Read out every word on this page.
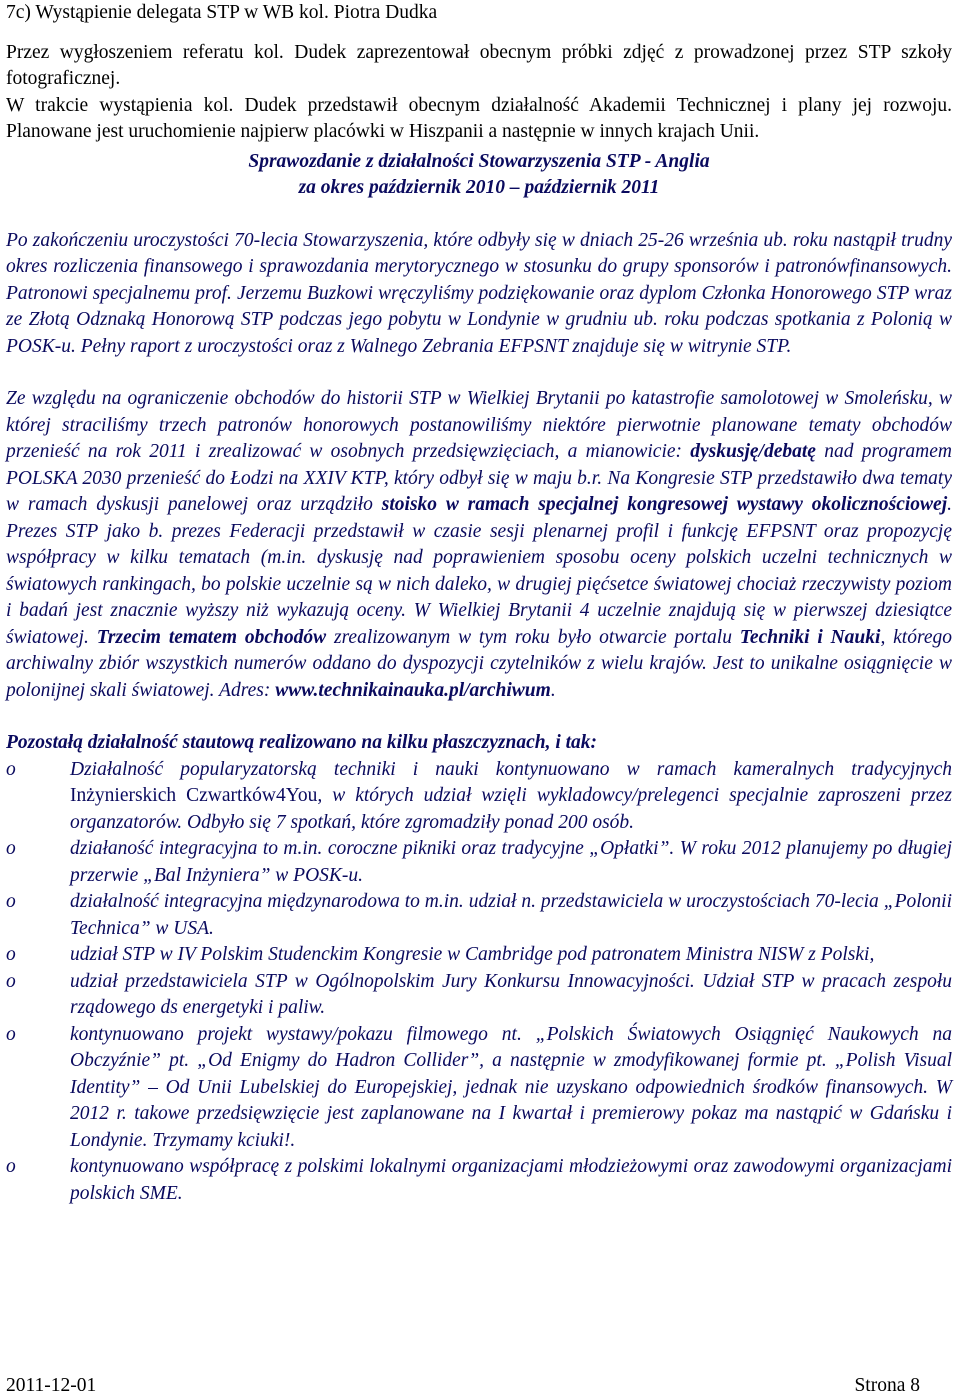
7c) Wystąpienie delegata STP w WB kol. Piotra Dudka

Przez wygłoszeniem referatu kol. Dudek zaprezentował obecnym próbki zdjęć z prowadzonej przez STP szkoły fotograficznej.

W trakcie wystąpienia kol. Dudek przedstawił obecnym działalność Akademii Technicznej i plany jej rozwoju. Planowane jest uruchomienie najpierw placówki w Hiszpanii a następnie w innych krajach Unii.

Sprawozdanie z działalności Stowarzyszenia STP - Anglia

za okres październik 2010 – październik 2011

Po zakończeniu uroczystości 70-lecia Stowarzyszenia, które odbyły się w dniach 25-26 września ub. roku nastąpił trudny okres rozliczenia finansowego i sprawozdania merytorycznego w stosunku do grupy sponsorów i patronówfinansowych. Patronowi specjalnemu prof. Jerzemu Buzkowi wręczyliśmy podziękowanie oraz dyplom Członka Honorowego STP wraz ze Złotą Odznaką Honorową STP podczas jego pobytu w Londynie w grudniu ub. roku podczas spotkania z Polonią w POSK-u. Pełny raport z uroczystości oraz z Walnego Zebrania EFPSNT znajduje się w witrynie STP.

Ze względu na ograniczenie obchodów do historii STP w Wielkiej Brytanii po katastrofie samolotowej w Smoleńsku, w której straciliśmy trzech patronów honorowych postanowiliśmy niektóre pierwotnie planowane tematy obchodów przenieść na rok 2011 i zrealizować w osobnych przedsięwzięciach, a mianowicie: dyskusję/debatę nad programem POLSKA 2030 przenieść do Łodzi na XXIV KTP, który odbył się w maju b.r. Na Kongresie STP przedstawiło dwa tematy w ramach dyskusji panelowej oraz urządziło stoisko w ramach specjalnej kongresowej wystawy okolicznościowej. Prezes STP jako b. prezes Federacji przedstawił w czasie sesji plenarnej profil i funkcję EFPSNT oraz propozycję współpracy w kilku tematach (m.in. dyskusję nad poprawieniem sposobu oceny polskich uczelni technicznych w światowych rankingach, bo polskie uczelnie są w nich daleko, w drugiej pięćsetce światowej chociaż rzeczywisty poziom i badań jest znacznie wyższy niż wykazują oceny. W Wielkiej Brytanii 4 uczelnie znajdują się w pierwszej dziesiątce światowej. Trzecim tematem obchodów zrealizowanym w tym roku było otwarcie portalu Techniki i Nauki, którego archiwalny zbiór wszystkich numerów oddano do dyspozycji czytelników z wielu krajów. Jest to unikalne osiągnięcie w polonijnej skali światowej. Adres: www.technikainauka.pl/archiwum.

Pozostałą działalność stautową realizowano na kilku płaszczyznach, i tak:

o	Działalność popularyzatorską techniki i nauki kontynuowano w ramach kameralnych tradycyjnych Inżynierskich Czwartków4You, w których udział wzięli wykladowcy/prelegenci specjalnie zaproszeni przez organzatorów. Odbyło się 7 spotkań, które zgromadziły ponad 200 osób.
o	działaność integracyjna to m.in. coroczne pikniki oraz tradycyjne „Opłatki”. W roku 2012 planujemy po długiej przerwie „Bal Inżyniera” w POSK-u.
o	działalność integracyjna międzynarodowa to m.in. udział n. przedstawiciela w uroczystościach 70-lecia „Polonii Technica” w USA.
o	udział STP w IV Polskim Studenckim Kongresie w Cambridge pod patronatem Ministra NISW z Polski,
o	udział przedstawiciela STP w Ogólnopolskim Jury Konkursu Innowacyjności. Udział STP w pracach zespołu rządowego ds energetyki i paliw.
o	kontynuowano projekt wystawy/pokazu filmowego nt. „Polskich Światowych Osiągnięć Naukowych na Obczyźnie” pt. „Od Enigmy do Hadron Collider”, a następnie w zmodyfikowanej formie pt. „Polish Visual Identity” – Od Unii Lubelskiej do Europejskiej, jednak nie uzyskano odpowiednich środków finansowych. W 2012 r. takowe przedsięwzięcie jest zaplanowane na I kwartał i premierowy pokaz ma nastąpić w Gdańsku i Londynie. Trzymamy kciuki!.
o	kontynuowano współpracę z polskimi lokalnymi organizacjami młodzieżowymi oraz zawodowymi organizacjami polskich SME.
2011-12-01	Strona 8
